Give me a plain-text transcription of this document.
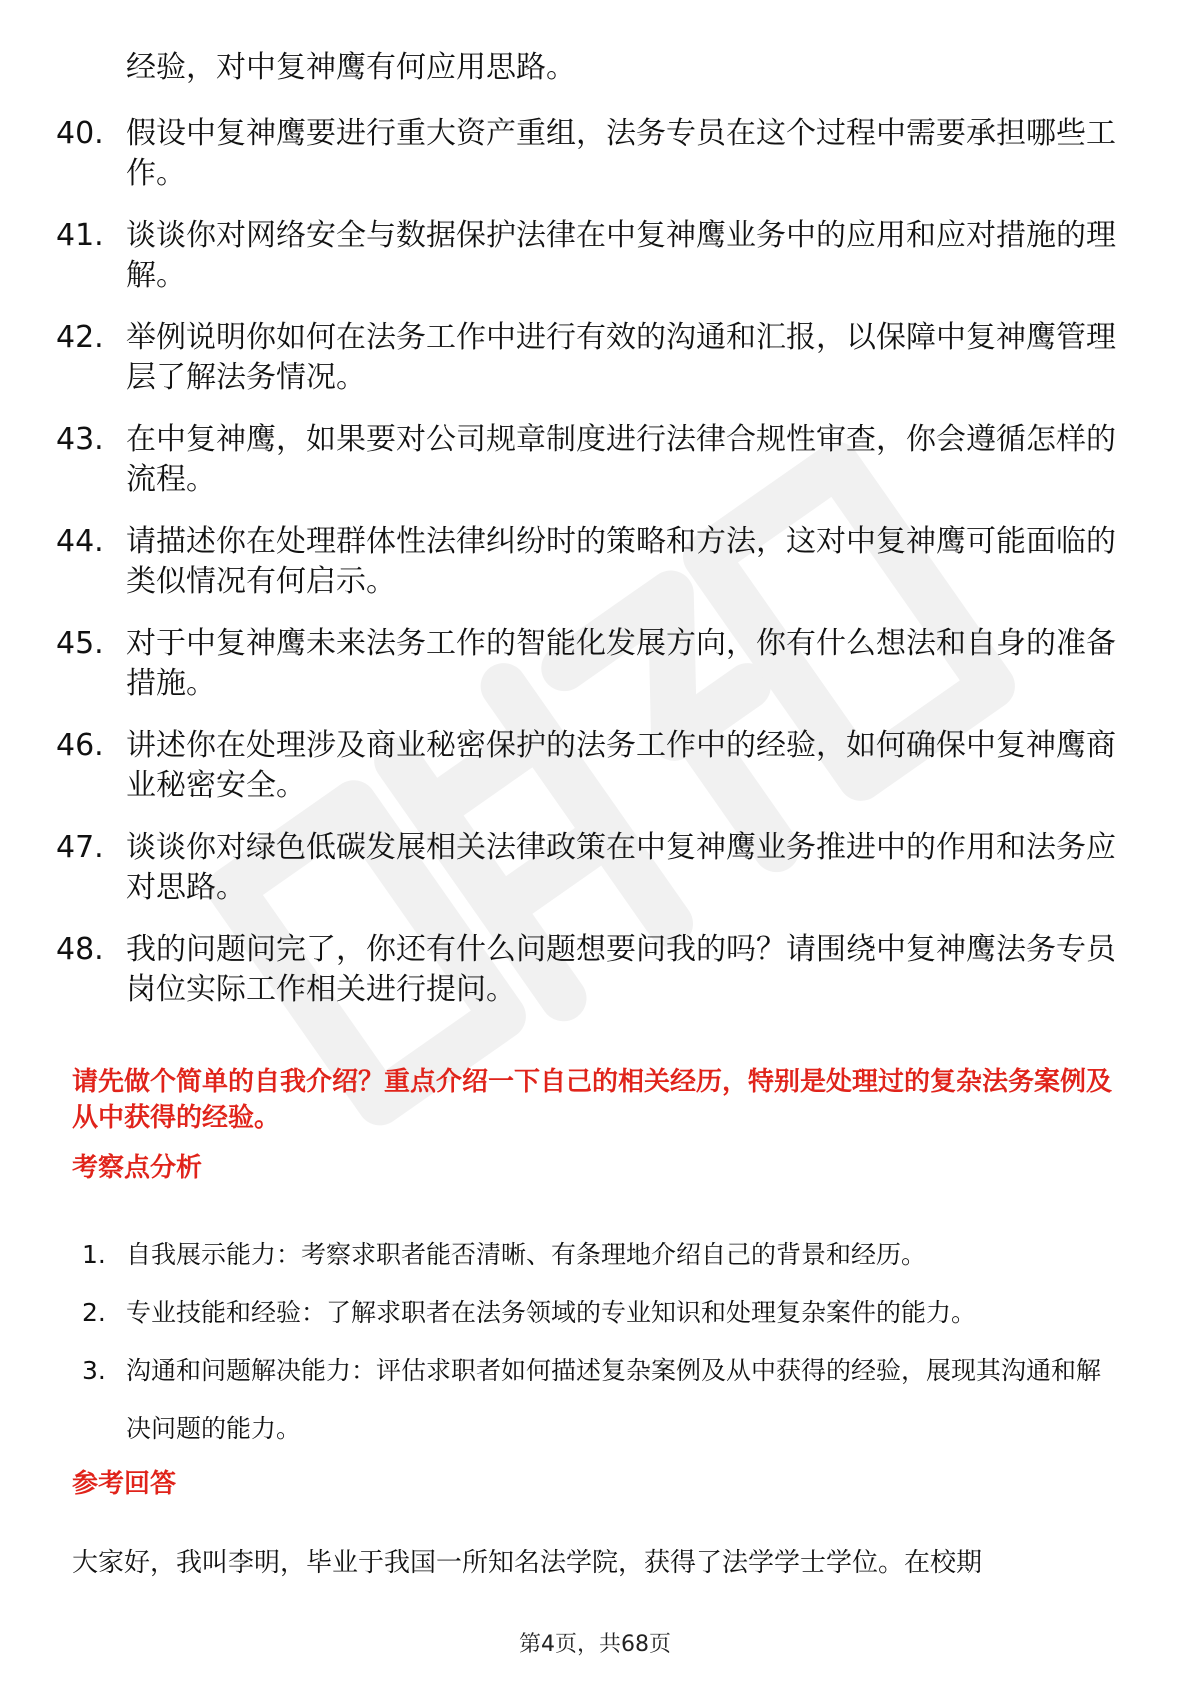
经验，对中复神鹰有何应用思路。
40. 假设中复神鹰要进行重大资产重组，法务专员在这个过程中需要承担哪些工作。
41. 谈谈你对网络安全与数据保护法律在中复神鹰业务中的应用和应对措施的理解。
42. 举例说明你如何在法务工作中进行有效的沟通和汇报，以保障中复神鹰管理层了解法务情况。
43. 在中复神鹰，如果要对公司规章制度进行法律合规性审查，你会遵循怎样的流程。
44. 请描述你在处理群体性法律纠纷时的策略和方法，这对中复神鹰可能面临的类似情况有何启示。
45. 对于中复神鹰未来法务工作的智能化发展方向，你有什么想法和自身的准备措施。
46. 讲述你在处理涉及商业秘密保护的法务工作中的经验，如何确保中复神鹰商业秘密安全。
47. 谈谈你对绿色低碳发展相关法律政策在中复神鹰业务推进中的作用和法务应对思路。
48. 我的问题问完了，你还有什么问题想要问我的吗？请围绕中复神鹰法务专员岗位实际工作相关进行提问。
请先做个简单的自我介绍？重点介绍一下自己的相关经历，特别是处理过的复杂法务案例及从中获得的经验。
考察点分析
1. 自我展示能力：考察求职者能否清晰、有条理地介绍自己的背景和经历。
2. 专业技能和经验：了解求职者在法务领域的专业知识和处理复杂案件的能力。
3. 沟通和问题解决能力：评估求职者如何描述复杂案例及从中获得的经验，展现其沟通和解决问题的能力。
参考回答
大家好，我叫李明，毕业于我国一所知名法学院，获得了法学学士学位。在校期
第4页，共68页
